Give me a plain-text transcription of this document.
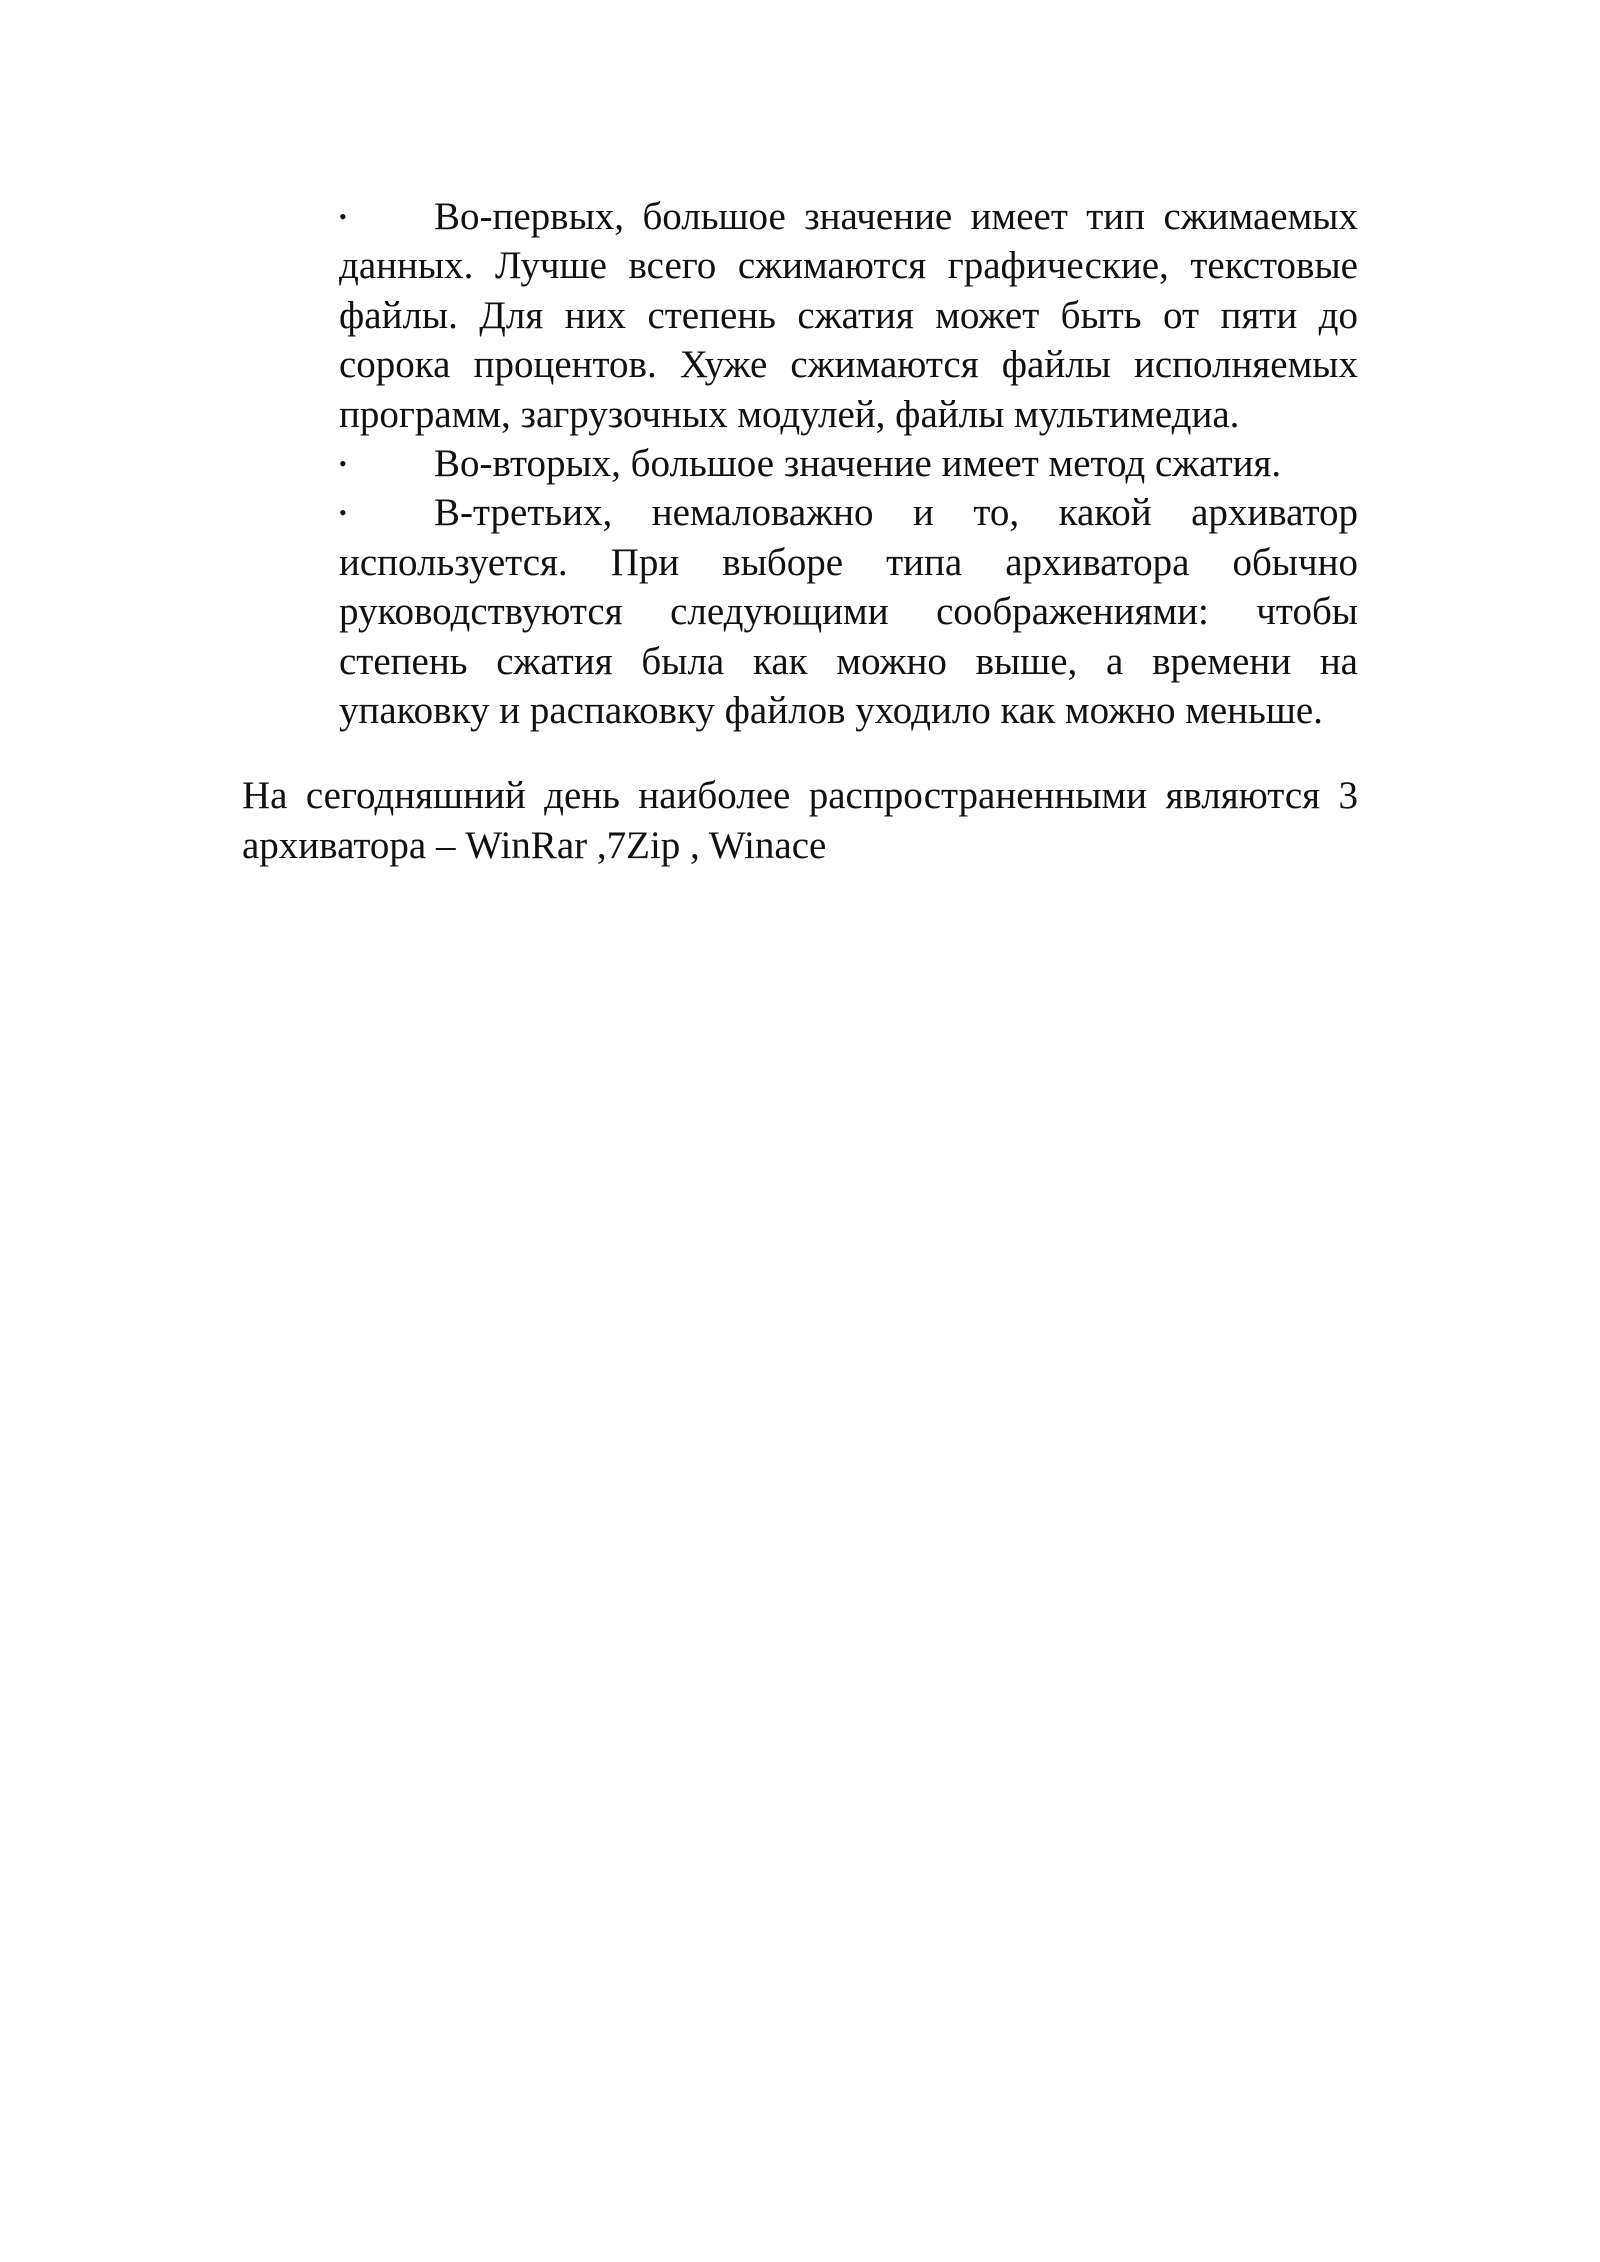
• Во-первых, большое значение имеет тип сжимаемых данных. Лучше всего сжимаются графические, текстовые файлы. Для них степень сжатия может быть от пяти до сорока процентов. Хуже сжимаются файлы исполняемых программ, загрузочных модулей, файлы мультимедиа.
• Во-вторых, большое значение имеет метод сжатия.
• В-третьих, немаловажно и то, какой архиватор используется. При выборе типа архиватора обычно руководствуются следующими соображениями: чтобы степень сжатия была как можно выше, а времени на упаковку и распаковку файлов уходило как можно меньше.

На сегодняшний день наиболее распространенными являются 3 архиватора – WinRar ,7Zip , Winace
